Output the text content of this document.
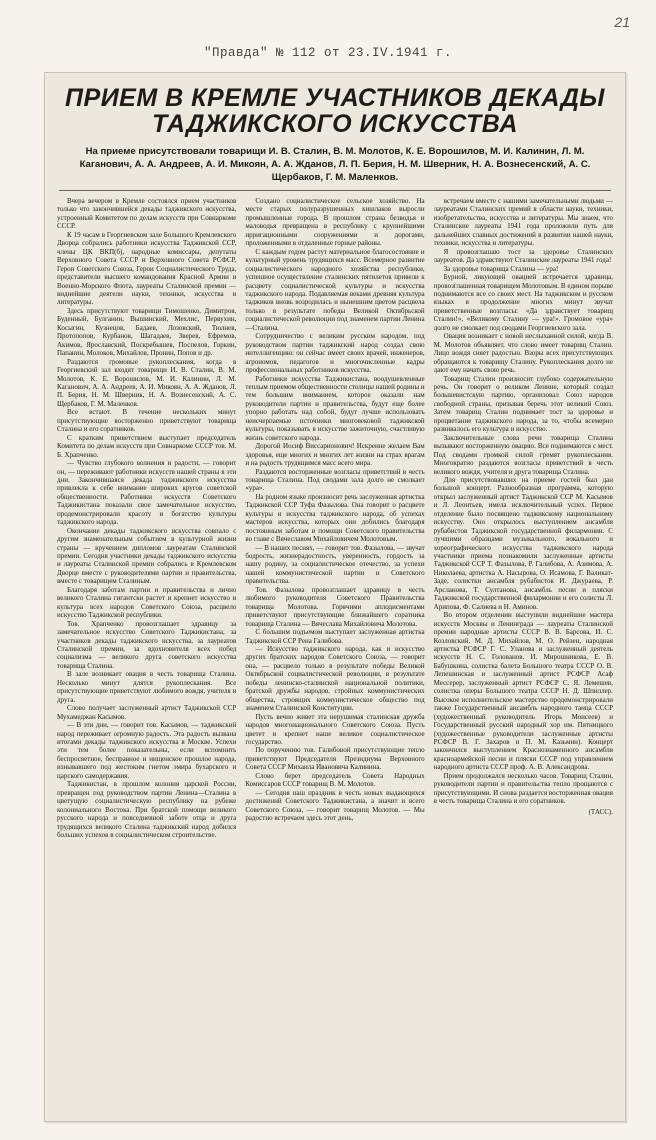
21
"Правда" № 112 от 23.IV.1941 г.
ПРИЕМ В КРЕМЛЕ УЧАСТНИКОВ ДЕКАДЫ ТАДЖИКСКОГО ИСКУССТВА
На приеме присутствовали товарищи И. В. Сталин, В. М. Молотов, К. Е. Ворошилов, М. И. Калинин, Л. М. Каганович, А. А. Андреев, А. И. Микоян, А. А. Жданов, Л. П. Берия, Н. М. Шверник, Н. А. Вознесенский, А. С. Щербаков, Г. М. Маленков.

Вчера вечером в Кремле состоялся прием участников только что закончившейся декады таджикского искусства, устроенный Комитетом по делам искусств при Совнаркоме СССР.

К 19 часам в Георгиевском зале Большого Кремлевского Дворца собрались работники искусства Таджикской ССР, члены ЦК ВКП(б), народные комиссары, депутаты Верховного Совета СССР и Верховного Совета РСФСР, Герои Советского Союза, Герои Социалистического Труда, представители высшего командования Красной Армии и Военно-Морского Флота, лауреаты Сталинской премии — виднейшие деятели науки, техники, искусства и литературы.

Здесь присутствуют товарищи Тимошенко, Димитров, Буденный, Булганин, Вышинский, Мехлис, Первухин, Косыгин, Кузнецов, Бадаев, Лозовский, Тюлнев, Протопопов, Курбанов, Шагадаев, Зверев, Ефремов, Акимов, Ярославский, Поскребышев, Поспелов, Горкин, Папанин, Молоков, Михайлов, Пронин, Попов и др.

Раздаются громовые рукоплескания, когда в Георгиевский зал входят товарищи И. В. Сталин, В. М. Молотов, К. Е. Ворошилов, М. И. Калинин, Л. М. Каганович, А. А. Андреев, А. И. Микоян, А. А. Жданов, Л. П. Берия, Н. М. Шверник, Н. А. Вознесенский, А. С. Щербаков, Г. М. Маленков.

Все встают. В течение нескольких минут присутствующие восторженно приветствуют товарища Сталина и его соратников.

С кратким приветствием выступает председатель Комитета по делам искусств при Совнаркоме СССР тов. М. Б. Храпченко.

— Чувство глубокого волнения и радости, — говорит он, — переживают работники искусств нашей страны в эти дни. Закончившаяся декада таджикского искусства привлекла к себе внимание широких кругов советской общественности. Работники искусств Советского Таджикистана показали свое замечательное искусство, продемонстрировали красоту и богатство культуры таджикского народа.

Окончание декады таджикского искусства совпало с другим знаменательным событием в культурной жизни страны — вручением дипломов лауреатам Сталинской премии. Сегодня участники декады таджикского искусства и лауреаты Сталинской премии собрались в Кремлевском Дворце вместе с руководителями партии и правительства, вместе с товарищем Сталиным.

Благодаря заботам партии и правительства и лично великого Сталина гигантски растет и крепнет искусство и культура всех народов Советского Союза, расцвело искусство Таджикской республики.

Тов. Храпченко провозглашает здравицу за замечательное искусство Советского Таджикистана, за участников декады таджикского искусства, за лауреатов Сталинской премии, за вдохновителя всех побед социализма — великого друга советского искусства товарища Сталина.

В зале возникает овация в честь товарища Сталина. Несколько минут длятся рукоплескания. Все присутствующие приветствуют любимого вождя, учителя и друга.

Слово получает заслуженный артист Таджикской ССР Мухамеджан Касымов.

— В эти дни, — говорит тов. Касымов, — таджикский народ переживает огромную радость. Эта радость вызвана итогами декады таджикского искусства в Москве. Успехи эти тем более показательны, если вспомнить беспросветное, бесправное и нищенское прошлое народа, изнывавшего под жестоким гнетом эмира бухарского и царского самодержавия.

Таджикистан, в прошлом колония царской России, превращен под руководством партии Ленина—Сталина в цветущую социалистическую республику на рубеже колониального Востока. При братской помощи великого русского народа и повседневной заботе отца и друга трудящихся великого Сталина таджикский народ добился больших успехов в социалистическом строительстве.

Создано социалистическое сельское хозяйство. На месте старых полуразрушенных кишлаков выросли промышленные города. В прошлом страна безводья и маловодья превращена в республику с крупнейшими ирригационными сооружениями и дорогами, проложенными в отдаленные горные районы.

С каждым годом растут материальное благосостояние и культурный уровень трудящихся масс. Всемерное развитие социалистического народного хозяйства республики, успешное осуществление сталинских пятилеток привели к расцвету социалистической культуры и искусства таджикского народа. Подавляемая веками древняя культура таджиков вновь возродилась и нынешним цветом расцвела только в результате победы Великой Октябрьской социалистической революции под знаменем партии Ленина—Сталина.

Сотрудничество с великим русским народом, под руководством партии таджикский народ создал свою интеллигенцию: он сейчас имеет своих врачей, инженеров, агрономов, педагогов и многочисленные кадры профессиональных работников искусства.

Работники искусства Таджикистана, воодушевленные теплым приемом общественности столицы нашей родины и тем большим вниманием, которое оказали нам руководители партии и правительства, будут еще более упорно работать над собой, будут лучше использовать неисчерпаемые источники многовековой таджикской культуры, показывать в искусстве зажиточную, счастливую жизнь советского народа.

Дорогой Иосиф Виссарионович! Искренне желаем Вам здоровья, еще многих и многих лет жизни на страх врагам и на радость трудящимся масс всего мира.

Раздаются восторженные возгласы приветствий в честь товарища Сталина. Под сводами зала долго не смолкает «ура».

На родном языке произносит речь заслуженная артистка Таджикской ССР Туфа Фазылова. Она говорит о расцвете культуры и искусства таджикского народа, об успехах мастеров искусства, которых они добились благодаря постоянным заботам и помощи Советского правительства во главе с Вячеславом Михайловичем Молотовым.

— В наших песнях, — говорит тов. Фазылова, — звучат бодрость, жизнерадостность, уверенность, гордость за нашу родину, за социалистическое отечество, за успехи нашей коммунистической партии и Советского правительства.

Тов. Фазылова провозглашает здравицу в честь любимого руководителя Советского Правительства товарища Молотова. Горячими аплодисментами приветствуют присутствующие ближайшего соратника товарища Сталина — Вячеслава Михайловича Молотова.

С большим подъемом выступает заслуженная артистка Таджикской ССР Рена Галибова.

— Искусство таджикского народа, как и искусство других братских народов Советского Союза, — говорит она, — расцвело только в результате победы Великой Октябрьской социалистической революции, в результате победы ленинско-сталинской национальной политики, братской дружбы народов, стройных коммунистических общества, строящих коммунистическое общество под знаменем Сталинской Конституции.

Пусть вечно живет эта нерушимая сталинская дружба народов многонационального Советского Союза. Пусть цветет и крепнет наше великое социалистическое государство.

По поручению тов. Галибовой присутствующие тепло приветствуют Председателя Президиума Верховного Совета СССР Михаила Ивановича Калинина.

Слово берет председатель Совета Народных Комиссаров СССР товарищ В. М. Молотов.

— Сегодня наш праздник в честь новых выдающихся достижений Советского Таджикистана, а значит и всего Советского Союза, — говорит товарищ Молотов. — Мы радостно встречаем здесь этот день,

встречаем вместе с нашими замечательными людьми — лауреатами Сталинских премий в области науки, техники, изобретательства, искусства и литературы. Мы знаем, что Сталинские лауреаты 1941 года проложили путь для дальнейших славных достижений в развитии нашей науки, техники, искусства и литературы.

Я провозглашаю тост за здоровье Сталинских лауреатов. Да здравствуют Сталинские лауреаты 1941 года!

За здоровье товарища Сталина — ура!

Бурной, ликующей овацией встречается здравица, провозглашенная товарищем Молотовым. В едином порыве поднимаются все со своих мест. На таджикском и русском языках в продолжение многих минут звучат приветственные возгласы: «Да здравствует товарищ Сталин!», «Великому Сталину — ура!». Громовое «ура» долго не смолкает под сводами Георгиевского зала.

Овация возникает с новой неслыханной силой, когда В. М. Молотов объявляет, что слово имеет товарищ Сталин. Лицо вождя сияет радостью. Взоры всех присутствующих обращаются к товарищу Сталину. Рукоплескания долго не дают ему начать свою речь.

Товарищ Сталин произносит глубоко содержательную речь. Он говорит о великом Ленине, который создал большевистскую партию, организовал Союз народов свободной страны, призывая беречь этот великий Союз. Затем товарищ Сталин поднимает тост за здоровье и процветание таджикского народа, за то, чтобы всемерно развивалось его культура и искусство.

Заключительные слова речи товарища Сталина вызывают восторженную овацию. Все поднимаются с мест. Под сводами громкой силой гремят рукоплескания. Многократно раздаются возгласы приветствий в честь великого вождя, учителя и друга товарища Сталина.

Для присутствовавших на приеме гостей был дан большой концерт. Разнообразная программа, которую открыл заслуженный артист Таджикской ССР М. Касымов и Л. Леонтьев, имела исключительный успех. Первое отделение было посвящено таджикскому национальному искусству. Оно открылось выступлением ансамбля рубабистов Таджикской государственной филармонии. С лучшими образцами музыкального, вокального и хореографического искусства таджикского народа участники приема познакомили заслуженные артисты Таджикской ССР Т. Фазылова, Р. Галибова, А. Азимова, А. Николаева, артистка А. Насырова, О. Исамова, Г. Валикат-Заде, солистки ансамбля рубабисток И. Джураева, Р. Арсланова, Т. Султанова, ансамбль песни и пляски Таджикской государственной филармонии и его солисты Л. Арипова, Ф. Салиева и Н. Аминов.

Во втором отделении выступили виднейшие мастера искусств Москвы и Ленинграда — лауреаты Сталинской премии народные артисты СССР В. В. Барсова, И. С. Козловский, М. Д. Михайлов, М. О. Рейзен, народная артистка РСФСР Г. С. Уланова и заслуженный деятель искусств Н. С. Голованов. И. Мирошникова, Е. В. Бабушкина, солистка балета Большого театра СССР О. В. Лепешинская и заслуженный артист РСФСР Асаф Мессерер, заслуженный артист РСФСР С. Я. Лемешев, солистка оперы Большого театра СССР Н. Д. Шпиллер. Высокое исполнительское мастерство продемонстрировали также Государственный ансамбль народного танца СССР (художественный руководитель Игорь Моисеев) и Государственный русский народный хор им. Пятницкого (художественные руководители заслуженные артисты РСФСР В. Г. Захаров и П. М. Казьмин). Концерт закончился выступлением Краснознаменного ансамбля красноармейской песни и пляски СССР под управлением народного артиста СССР проф. А. В. Александрова.

Прием продолжался несколько часов. Товарищ Сталин, руководители партии и правительства тепло прощаются с присутствующими. И снова раздается восторженная овация в честь товарища Сталина и его соратников.

(ТАСС).
